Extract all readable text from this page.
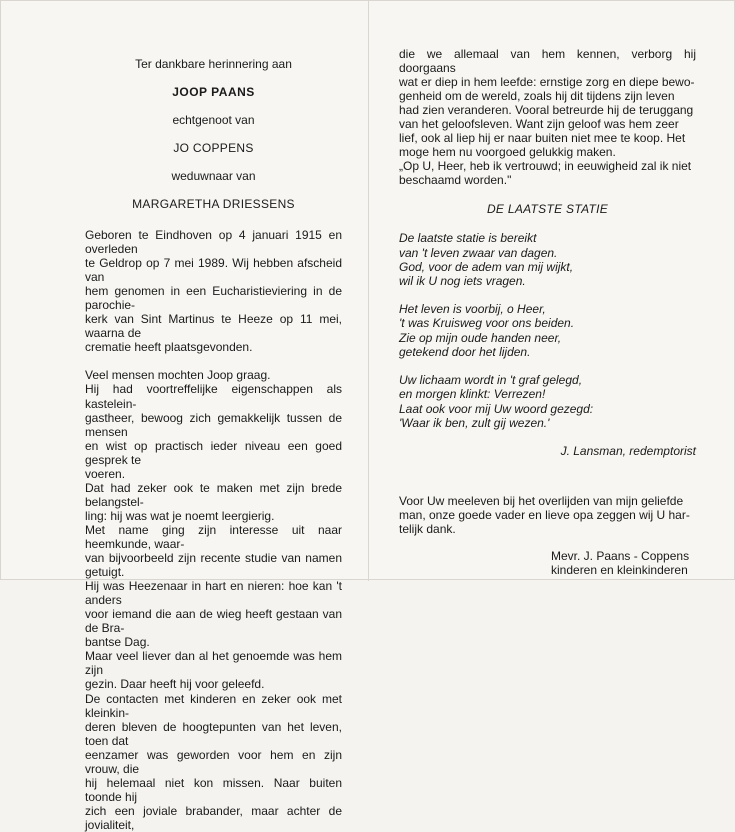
Ter dankbare herinnering aan

JOOP PAANS

echtgenoot van

JO COPPENS

weduwnaar van

MARGARETHA DRIESSENS

Geboren te Eindhoven op 4 januari 1915 en overleden

te Geldrop op 7 mei 1989. Wij hebben afscheid van

hem genomen in een Eucharistieviering in de parochie-

kerk van Sint Martinus te Heeze op 11 mei, waarna de

crematie heeft plaatsgevonden.

Veel mensen mochten Joop graag.

Hij had voortreffelijke eigenschappen als kastelein-

gastheer, bewoog zich gemakkelijk tussen de mensen

en wist op practisch ieder niveau een goed gesprek te

voeren.

Dat had zeker ook te maken met zijn brede belangstel-

ling: hij was wat je noemt leergierig.

Met name ging zijn interesse uit naar heemkunde, waar-

van bijvoorbeeld zijn recente studie van namen getuigt.

Hij was Heezenaar in hart en nieren: hoe kan 't anders

voor iemand die aan de wieg heeft gestaan van de Bra-

bantse Dag.

Maar veel liever dan al het genoemde was hem zijn

gezin. Daar heeft hij voor geleefd.

De contacten met kinderen en zeker ook met kleinkin-

deren bleven de hoogtepunten van het leven, toen dat

eenzamer was geworden voor hem en zijn vrouw, die

hij helemaal niet kon missen. Naar buiten toonde hij

zich een joviale brabander, maar achter de jovialiteit,

die we allemaal van hem kennen, verborg hij doorgaans

wat er diep in hem leefde: ernstige zorg en diepe bewo-

genheid om de wereld, zoals hij dit tijdens zijn leven

had zien veranderen. Vooral betreurde hij de teruggang

van het geloofsleven. Want zijn geloof was hem zeer

lief, ook al liep hij er naar buiten niet mee te koop. Het

moge hem nu voorgoed gelukkig maken.

„Op U, Heer, heb ik vertrouwd; in eeuwigheid zal ik niet

beschaamd worden."

DE LAATSTE STATIE

De laatste statie is bereikt

van 't leven zwaar van dagen.

God, voor de adem van mij wijkt,

wil ik U nog iets vragen.

Het leven is voorbij, o Heer,

't was Kruisweg voor ons beiden.

Zie op mijn oude handen neer,

getekend door het lijden.

Uw lichaam wordt in 't graf gelegd,

en morgen klinkt: Verrezen!

Laat ook voor mij Uw woord gezegd:

'Waar ik ben, zult gij wezen.'

J. Lansman, redemptorist

Voor Uw meeleven bij het overlijden van mijn geliefde

man, onze goede vader en lieve opa zeggen wij U har-

telijk dank.

Mevr. J. Paans - Coppens

kinderen en kleinkinderen
